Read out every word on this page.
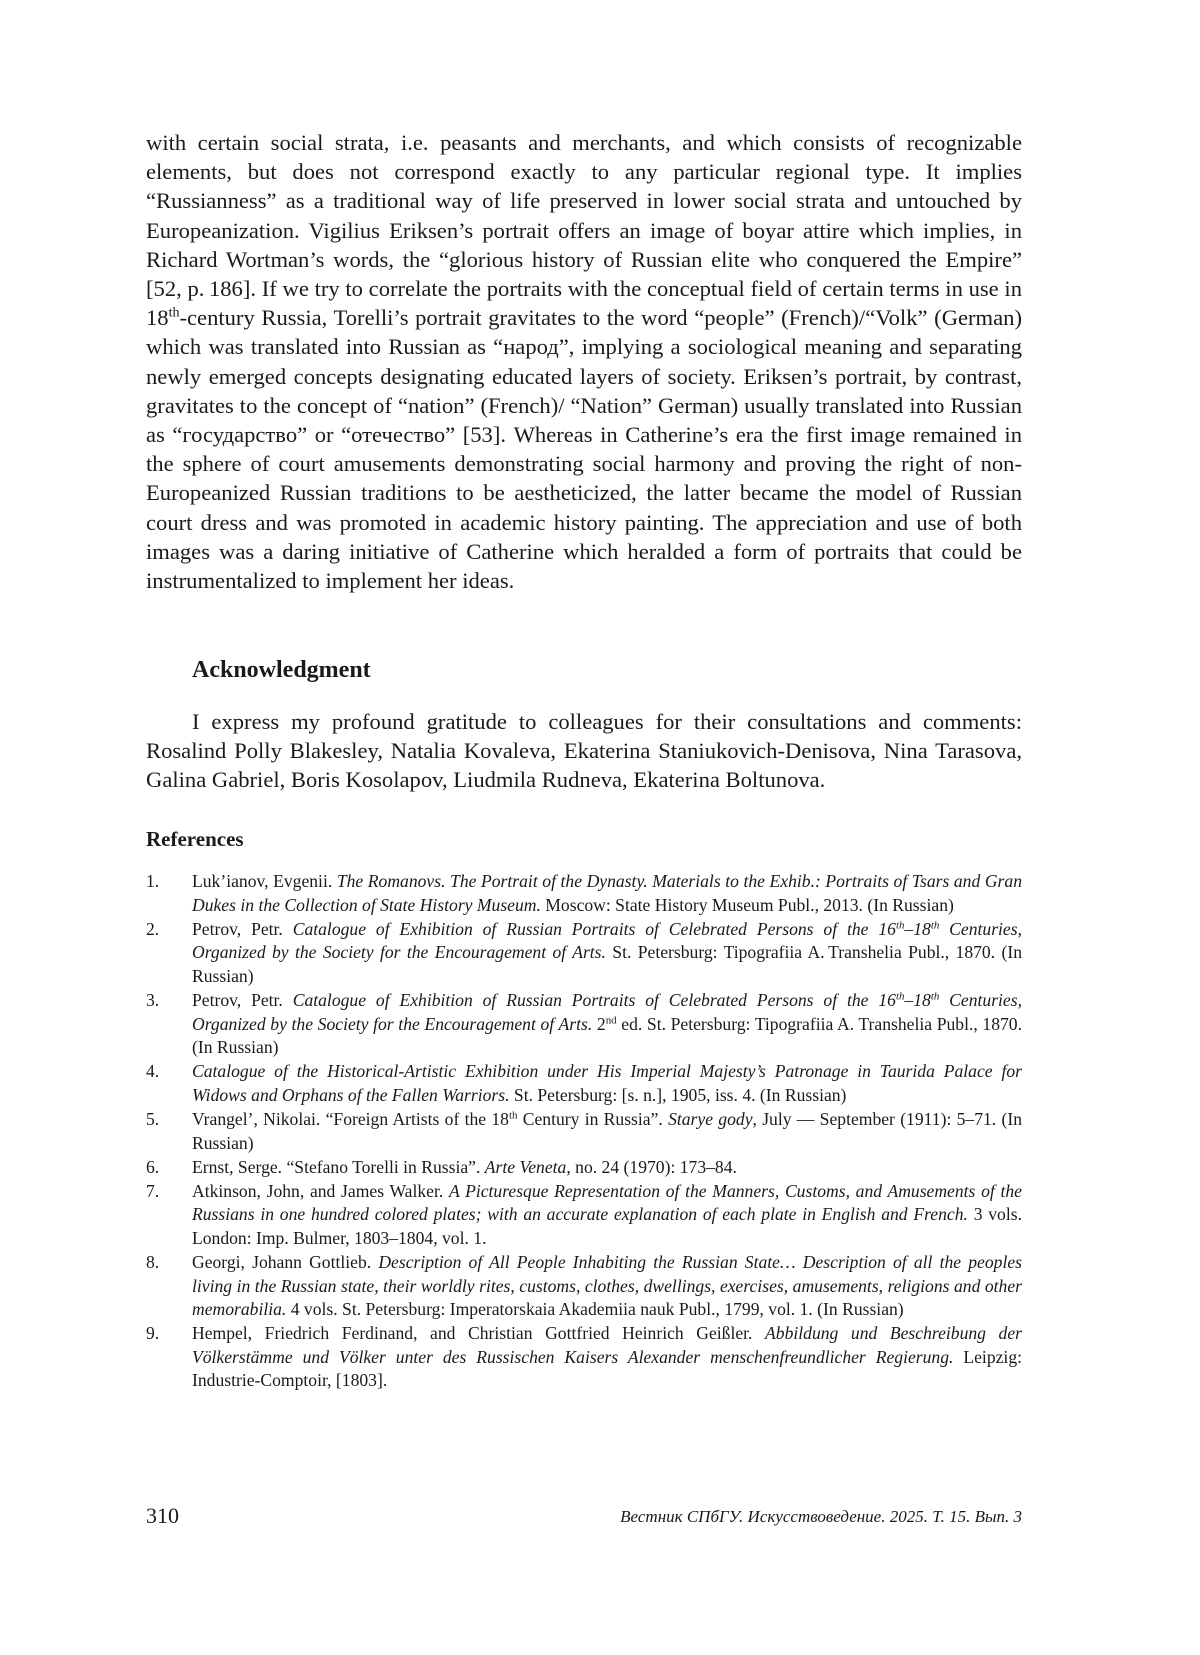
with certain social strata, i.e. peasants and merchants, and which consists of recognizable elements, but does not correspond exactly to any particular regional type. It implies “Russianness” as a traditional way of life preserved in lower social strata and untouched by Europeanization. Vigilius Eriksen’s portrait offers an image of boyar attire which implies, in Richard Wortman’s words, the “glorious history of Russian elite who conquered the Empire” [52, p. 186]. If we try to correlate the portraits with the conceptual field of certain terms in use in 18th-century Russia, Torelli’s portrait gravitates to the word “people” (French)/“Volk” (German) which was translated into Russian as “народ”, implying a sociological meaning and separating newly emerged concepts designating educated layers of society. Eriksen’s portrait, by contrast, gravitates to the concept of “nation” (French)/ “Nation” German) usually translated into Russian as “государство” or “отечество” [53]. Whereas in Catherine’s era the first image remained in the sphere of court amusements demonstrating social harmony and proving the right of non-Europeanized Russian traditions to be aestheticized, the latter became the model of Russian court dress and was promoted in academic history painting. The appreciation and use of both images was a daring initiative of Catherine which heralded a form of portraits that could be instrumentalized to implement her ideas.

Acknowledgment

I express my profound gratitude to colleagues for their consultations and comments: Rosalind Polly Blakesley, Natalia Kovaleva, Ekaterina Staniukovich-Denisova, Nina Tarasova, Galina Gabriel, Boris Kosolapov, Liudmila Rudneva, Ekaterina Boltunova.

References
1.	Luk’ianov, Evgenii. The Romanovs. The Portrait of the Dynasty. Materials to the Exhib.: Portraits of Tsars and Gran Dukes in the Collection of State History Museum. Moscow: State History Museum Publ., 2013. (In Russian)
2.	Petrov, Petr. Catalogue of Exhibition of Russian Portraits of Celebrated Persons of the 16th–18th Centuries, Organized by the Society for the Encouragement of Arts. St. Petersburg: Tipografiia A. Transhelia Publ., 1870. (In Russian)
3.	Petrov, Petr. Catalogue of Exhibition of Russian Portraits of Celebrated Persons of the 16th–18th Centuries, Organized by the Society for the Encouragement of Arts. 2nd ed. St. Petersburg: Tipografiia A. Transhelia Publ., 1870. (In Russian)
4.	Catalogue of the Historical-Artistic Exhibition under His Imperial Majesty’s Patronage in Taurida Palace for Widows and Orphans of the Fallen Warriors. St. Petersburg: [s. n.], 1905, iss. 4. (In Russian)
5.	Vrangel’, Nikolai. “Foreign Artists of the 18th Century in Russia”. Starye gody, July — September (1911): 5–71. (In Russian)
6.	Ernst, Serge. “Stefano Torelli in Russia”. Arte Veneta, no. 24 (1970): 173–84.
7.	Atkinson, John, and James Walker. A Picturesque Representation of the Manners, Customs, and Amusements of the Russians in one hundred colored plates; with an accurate explanation of each plate in English and French. 3 vols. London: Imp. Bulmer, 1803–1804, vol. 1.
8.	Georgi, Johann Gottlieb. Description of All People Inhabiting the Russian State… Description of all the peoples living in the Russian state, their worldly rites, customs, clothes, dwellings, exercises, amusements, religions and other memorabilia. 4 vols. St. Petersburg: Imperatorskaia Akademiia nauk Publ., 1799, vol. 1. (In Russian)
9.	Hempel, Friedrich Ferdinand, and Christian Gottfried Heinrich Geißler. Abbildung und Beschreibung der Völkerstämme und Völker unter des Russischen Kaisers Alexander menschenfreundlicher Regierung. Leipzig: Industrie-Comptoir, [1803].
310	Вестник СПбГУ. Искусствоведение. 2025. Т. 15. Вып. 3
